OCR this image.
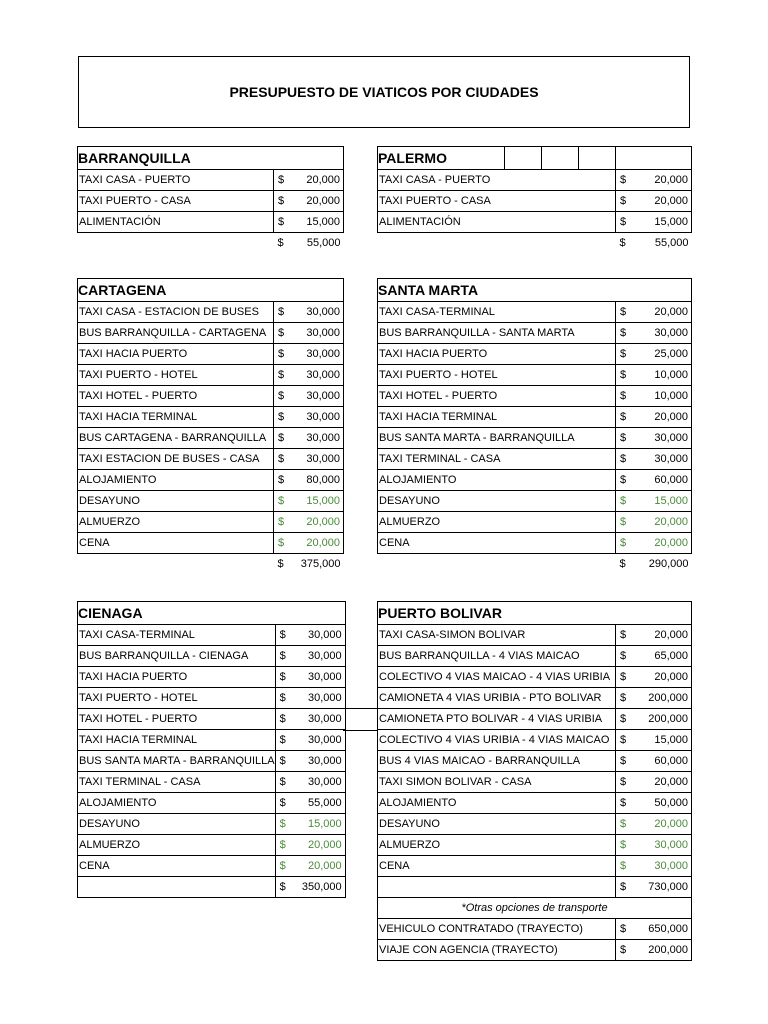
PRESUPUESTO DE VIATICOS POR CIUDADES
BARRANQUILLA		
TAXI CASA - PUERTO	$	20,000
TAXI PUERTO - CASA	$	20,000
ALIMENTACIÓN	$	15,000
	$	55,000
PALERMO					
TAXI CASA - PUERTO				$	20,000
TAXI PUERTO - CASA				$	20,000
ALIMENTACIÓN				$	15,000
				$	55,000
CARTAGENA		
TAXI CASA - ESTACION DE BUSES	$	30,000
BUS BARRANQUILLA - CARTAGENA	$	30,000
TAXI HACIA PUERTO	$	30,000
TAXI PUERTO - HOTEL	$	30,000
TAXI HOTEL - PUERTO	$	30,000
TAXI HACIA TERMINAL	$	30,000
BUS CARTAGENA - BARRANQUILLA	$	30,000
TAXI ESTACION DE BUSES - CASA	$	30,000
ALOJAMIENTO	$	80,000
DESAYUNO	$	15,000
ALMUERZO	$	20,000
CENA	$	20,000
	$	375,000
SANTA MARTA		
TAXI CASA-TERMINAL	$	20,000
BUS BARRANQUILLA - SANTA MARTA	$	30,000
TAXI HACIA PUERTO	$	25,000
TAXI PUERTO - HOTEL	$	10,000
TAXI HOTEL - PUERTO	$	10,000
TAXI HACIA TERMINAL	$	20,000
BUS SANTA MARTA - BARRANQUILLA	$	30,000
TAXI TERMINAL - CASA	$	30,000
ALOJAMIENTO	$	60,000
DESAYUNO	$	15,000
ALMUERZO	$	20,000
CENA	$	20,000
	$	290,000
CIENAGA		
TAXI CASA-TERMINAL	$	30,000
BUS BARRANQUILLA - CIENAGA	$	30,000
TAXI HACIA PUERTO	$	30,000
TAXI PUERTO - HOTEL	$	30,000
TAXI HOTEL - PUERTO	$	30,000
TAXI HACIA TERMINAL	$	30,000
BUS SANTA MARTA - BARRANQUILLA	$	30,000
TAXI TERMINAL - CASA	$	30,000
ALOJAMIENTO	$	55,000
DESAYUNO	$	15,000
ALMUERZO	$	20,000
CENA	$	20,000
	$	350,000
PUERTO BOLIVAR		
TAXI CASA-SIMON BOLIVAR	$	20,000
BUS BARRANQUILLA - 4 VIAS MAICAO	$	65,000
COLECTIVO 4 VIAS MAICAO - 4 VIAS URIBIA	$	20,000
CAMIONETA 4 VIAS URIBIA - PTO BOLIVAR	$	200,000
CAMIONETA PTO BOLIVAR - 4 VIAS URIBIA	$	200,000
COLECTIVO 4 VIAS URIBIA - 4 VIAS MAICAO	$	15,000
BUS 4 VIAS MAICAO - BARRANQUILLA	$	60,000
TAXI SIMON BOLIVAR - CASA	$	20,000
ALOJAMIENTO	$	50,000
DESAYUNO	$	20,000
ALMUERZO	$	30,000
CENA	$	30,000
	$	730,000
*Otras opciones de transporte		
VEHICULO CONTRATADO (TRAYECTO)	$	650,000
VIAJE CON AGENCIA (TRAYECTO)	$	200,000
